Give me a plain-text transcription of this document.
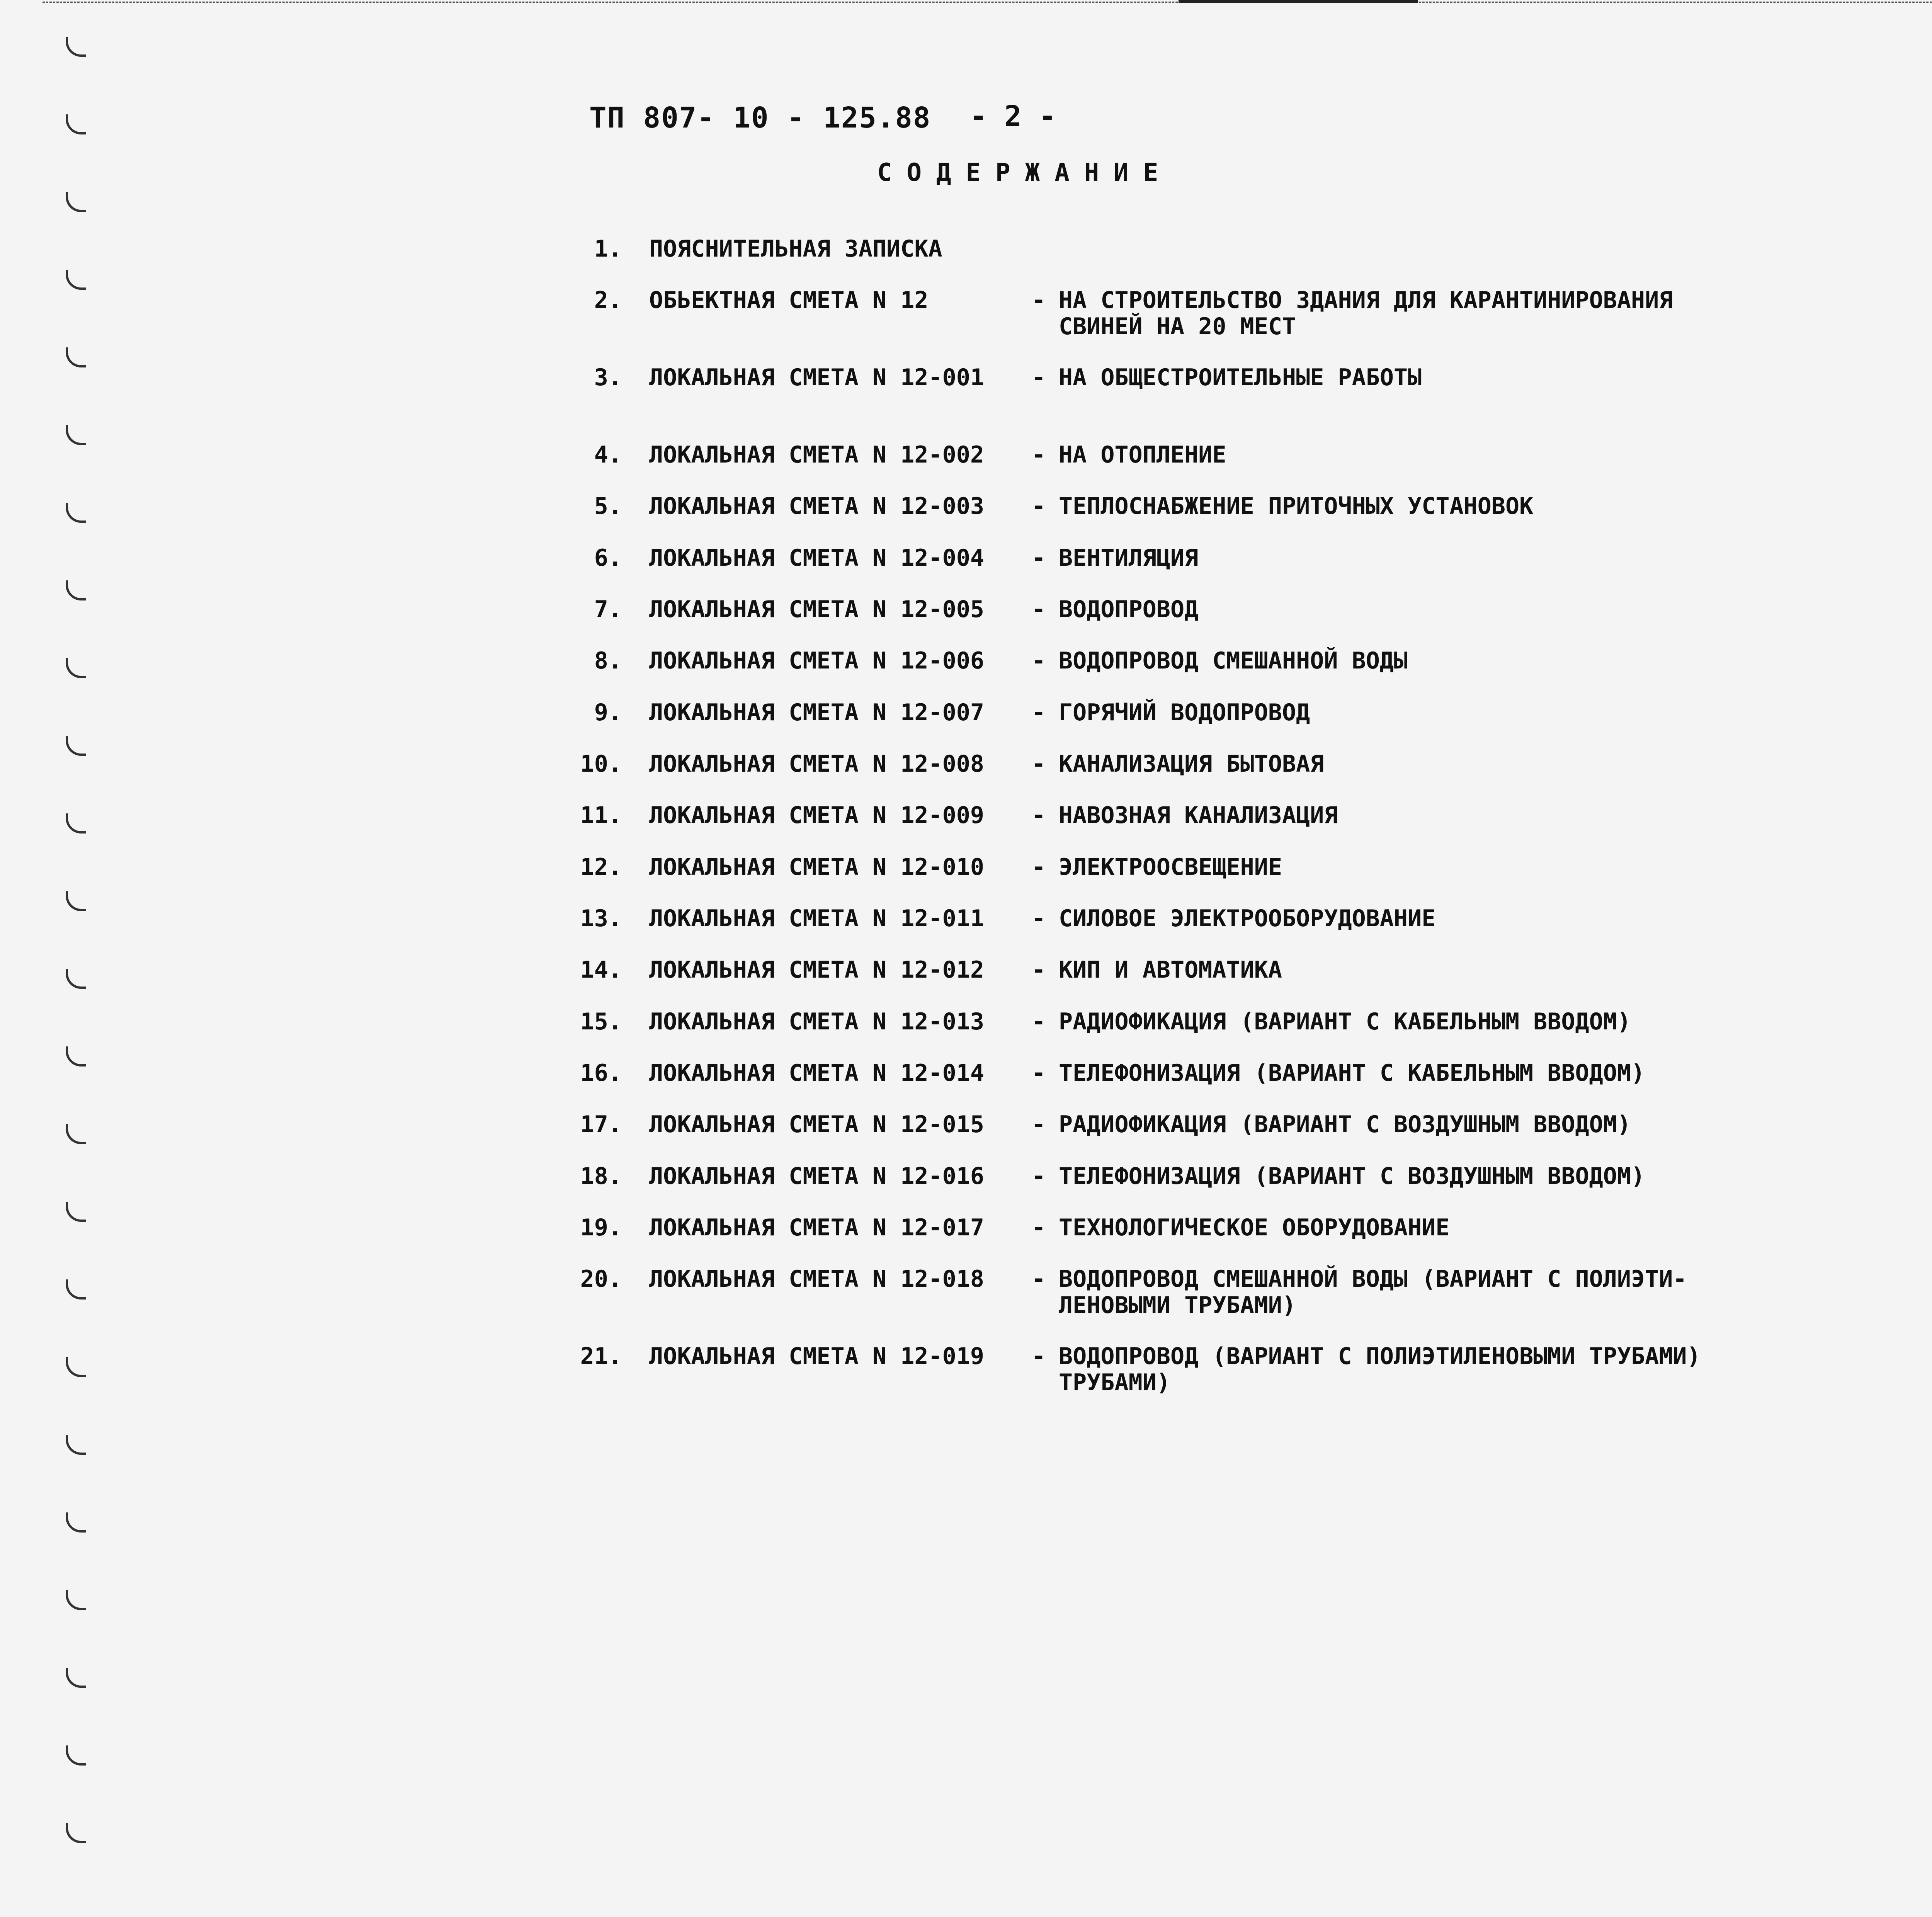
ТП 807- 10 - 125.88 - 2 -
СОДЕРЖАНИЕ
1. ПОЯСНИТЕЛЬНАЯ ЗАПИСКА
2. ОБЬЕКТНАЯ СМЕТА N 12	- НА СТРОИТЕЛЬСТВО ЗДАНИЯ ДЛЯ КАРАНТИНИРОВАНИЯ
СВИНЕЙ НА 20 МЕСТ
3. ЛОКАЛЬНАЯ СМЕТА N 12-001	- НА ОБЩЕСТРОИТЕЛЬНЫЕ РАБОТЫ
4. ЛОКАЛЬНАЯ СМЕТА N 12-002	- НА ОТОПЛЕНИЕ
5. ЛОКАЛЬНАЯ СМЕТА N 12-003	- ТЕПЛОСНАБЖЕНИЕ ПРИТОЧНЫХ УСТАНОВОК
6. ЛОКАЛЬНАЯ СМЕТА N 12-004	- ВЕНТИЛЯЦИЯ
7. ЛОКАЛЬНАЯ СМЕТА N 12-005	- ВОДОПРОВОД
8. ЛОКАЛЬНАЯ СМЕТА N 12-006	- ВОДОПРОВОД СМЕШАННОЙ ВОДЫ
9. ЛОКАЛЬНАЯ СМЕТА N 12-007	- ГОРЯЧИЙ ВОДОПРОВОД
10. ЛОКАЛЬНАЯ СМЕТА N 12-008	- КАНАЛИЗАЦИЯ БЫТОВАЯ
11. ЛОКАЛЬНАЯ СМЕТА N 12-009	- НАВОЗНАЯ КАНАЛИЗАЦИЯ
12. ЛОКАЛЬНАЯ СМЕТА N 12-010	- ЭЛЕКТРООСВЕЩЕНИЕ
13. ЛОКАЛЬНАЯ СМЕТА N 12-011	- СИЛОВОЕ ЭЛЕКТРООБОРУДОВАНИЕ
14. ЛОКАЛЬНАЯ СМЕТА N 12-012	- КИП И АВТОМАТИКА
15. ЛОКАЛЬНАЯ СМЕТА N 12-013	- РАДИОФИКАЦИЯ (ВАРИАНТ С КАБЕЛЬНЫМ ВВОДОМ)
16. ЛОКАЛЬНАЯ СМЕТА N 12-014	- ТЕЛЕФОНИЗАЦИЯ (ВАРИАНТ С КАБЕЛЬНЫМ ВВОДОМ)
17. ЛОКАЛЬНАЯ СМЕТА N 12-015	- РАДИОФИКАЦИЯ (ВАРИАНТ С ВОЗДУШНЫМ ВВОДОМ)
18. ЛОКАЛЬНАЯ СМЕТА N 12-016	- ТЕЛЕФОНИЗАЦИЯ (ВАРИАНТ С ВОЗДУШНЫМ ВВОДОМ)
19. ЛОКАЛЬНАЯ СМЕТА N 12-017	- ТЕХНОЛОГИЧЕСКОЕ ОБОРУДОВАНИЕ
20. ЛОКАЛЬНАЯ СМЕТА N 12-018	- ВОДОПРОВОД СМЕШАННОЙ ВОДЫ (ВАРИАНТ С ПОЛИЭТИ-
ЛЕНОВЫМИ ТРУБАМИ)
21. ЛОКАЛЬНАЯ СМЕТА N 12-019	- ВОДОПРОВОД (ВАРИАНТ С ПОЛИЭТИЛЕНОВЫМИ ТРУБАМИ)
ТРУБАМИ)
